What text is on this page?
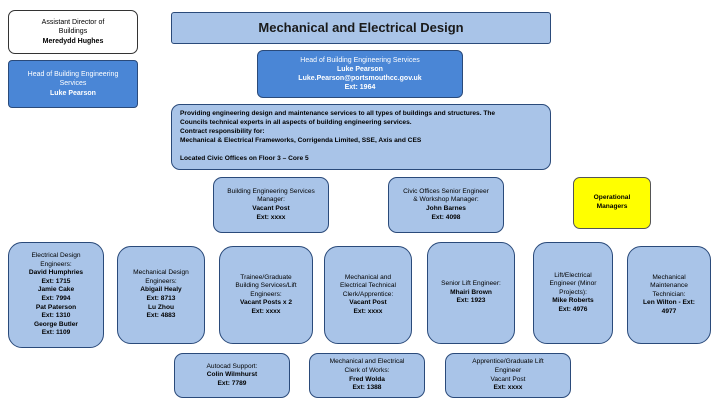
Assistant Director of
Buildings
Meredydd Hughes
Head of Building Engineering
Services
Luke Pearson
Mechanical and Electrical Design
Head of Building Engineering Services
Luke Pearson
Luke.Pearson@portsmouthcc.gov.uk
Ext: 1964
Providing engineering design and maintenance services to all types of buildings and structures. The
Councils technical experts in all aspects of building engineering services.
Contract responsibility for:
Mechanical & Electrical Frameworks, Corrigenda Limited, SSE, Axis and CES

Located Civic Offices on Floor 3 – Core 5
Building Engineering Services
Manager:
Vacant Post
Ext: xxxx
Civic Offices Senior Engineer
& Workshop Manager:
John Barnes
Ext: 4098
Operational
Managers
Electrical Design
Engineers:
David Humphries
Ext: 1715
Jamie Cake
Ext: 7994
Pat Paterson
Ext: 1310
George Butler
Ext: 1109
Mechanical Design
Engineers:
Abigail Healy
Ext: 8713
Lu Zhou
Ext: 4883
Trainee/Graduate
Building Services/Lift
Engineers:
Vacant Posts x 2
Ext: xxxx
Mechanical and
Electrical Technical
Clerk/Apprentice:
Vacant Post
Ext: xxxx
Senior Lift Engineer:
Mhairi Brown
Ext: 1923
Lift/Electrical
Engineer (Minor
Projects):
Mike Roberts
Ext: 4976
Mechanical
Maintenance
Technician:
Len Wilton - Ext:
4977
Autocad Support:
Colin Wilmhurst
Ext: 7789
Mechanical and Electrical
Clerk of Works:
Fred Wolda
Ext: 1388
Apprentice/Graduate Lift
Engineer
Vacant Post
Ext: xxxx
